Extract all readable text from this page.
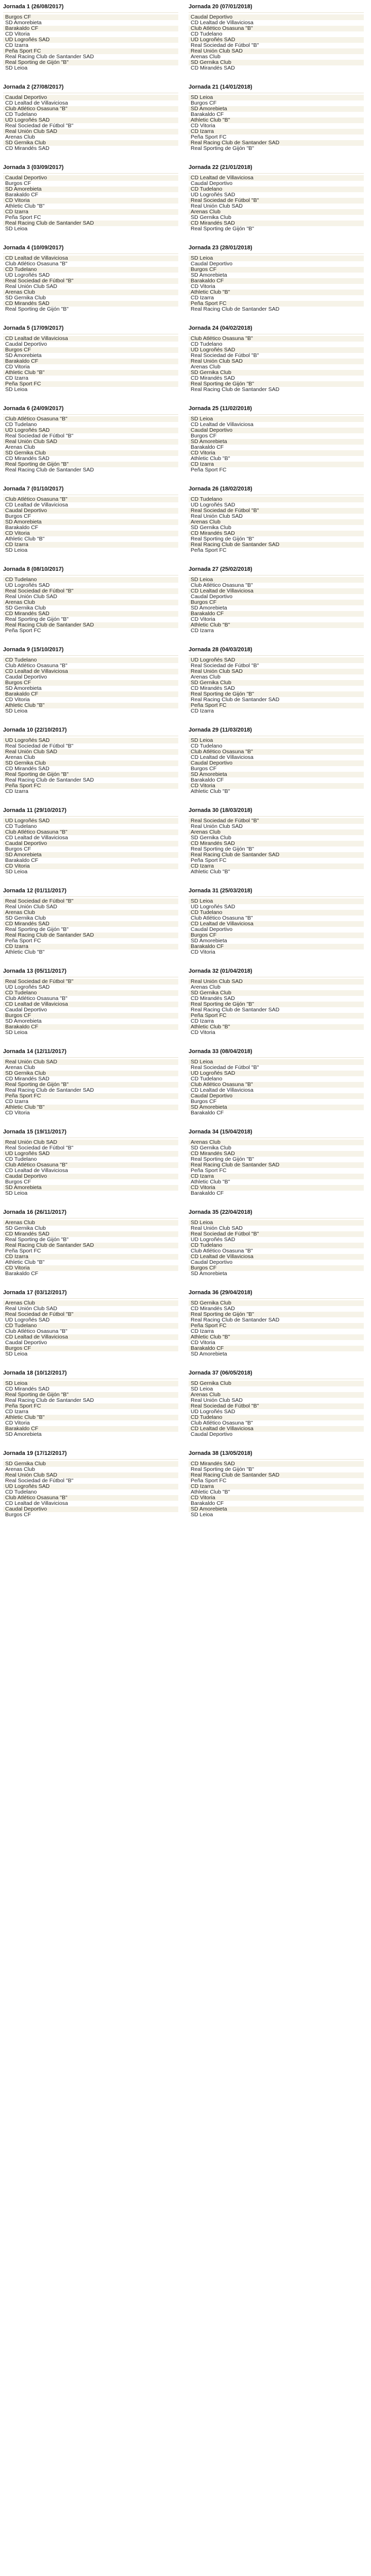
Jornada 1 (26/08/2017)
Burgos CF
SD Amorebieta
Barakaldo CF
CD Vitoria
UD Logroñés SAD
CD Izarra
Peña Sport FC
Real Racing Club de Santander SAD
Real Sporting de Gijón "B"
SD Leioa
Jornada 20 (07/01/2018)
Caudal Deportivo
CD Lealtad de Villaviciosa
Club Atlético Osasuna "B"
CD Tudelano
UD Logroñés SAD
Real Sociedad de Fútbol "B"
Real Unión Club SAD
Arenas Club
SD Gernika Club
CD Mirandés SAD
Jornada 2 (27/08/2017)
Caudal Deportivo
CD Lealtad de Villaviciosa
Club Atlético Osasuna "B"
CD Tudelano
UD Logroñés SAD
Real Sociedad de Fútbol "B"
Real Unión Club SAD
Arenas Club
SD Gernika Club
CD Mirandés SAD
Jornada 21 (14/01/2018)
SD Leioa
Burgos CF
SD Amorebieta
Barakaldo CF
Athletic Club "B"
CD Vitoria
CD Izarra
Peña Sport FC
Real Racing Club de Santander SAD
Real Sporting de Gijón "B"
Jornada 3 (03/09/2017)
Caudal Deportivo
Burgos CF
SD Amorebieta
Barakaldo CF
CD Vitoria
Athletic Club "B"
CD Izarra
Peña Sport FC
Real Racing Club de Santander SAD
SD Leioa
Jornada 22 (21/01/2018)
CD Lealtad de Villaviciosa
Caudal Deportivo
CD Tudelano
UD Logroñés SAD
Real Sociedad de Fútbol "B"
Real Unión Club SAD
Arenas Club
SD Gernika Club
CD Mirandés SAD
Real Sporting de Gijón "B"
Jornada 4 (10/09/2017)
CD Lealtad de Villaviciosa
Club Atlético Osasuna "B"
CD Tudelano
UD Logroñés SAD
Real Sociedad de Fútbol "B"
Real Unión Club SAD
Arenas Club
SD Gernika Club
CD Mirandés SAD
Real Sporting de Gijón "B"
Jornada 23 (28/01/2018)
SD Leioa
Caudal Deportivo
Burgos CF
SD Amorebieta
Barakaldo CF
CD Vitoria
Athletic Club "B"
CD Izarra
Peña Sport FC
Real Racing Club de Santander SAD
Jornada 5 (17/09/2017)
CD Lealtad de Villaviciosa
Caudal Deportivo
Burgos CF
SD Amorebieta
Barakaldo CF
CD Vitoria
Athletic Club "B"
CD Izarra
Peña Sport FC
SD Leioa
Jornada 24 (04/02/2018)
Club Atlético Osasuna "B"
CD Tudelano
UD Logroñés SAD
Real Sociedad de Fútbol "B"
Real Unión Club SAD
Arenas Club
SD Gernika Club
CD Mirandés SAD
Real Sporting de Gijón "B"
Real Racing Club de Santander SAD
Jornada 6 (24/09/2017)
Club Atlético Osasuna "B"
CD Tudelano
UD Logroñés SAD
Real Sociedad de Fútbol "B"
Real Unión Club SAD
Arenas Club
SD Gernika Club
CD Mirandés SAD
Real Sporting de Gijón "B"
Real Racing Club de Santander SAD
Jornada 25 (11/02/2018)
SD Leioa
CD Lealtad de Villaviciosa
Caudal Deportivo
Burgos CF
SD Amorebieta
Barakaldo CF
CD Vitoria
Athletic Club "B"
CD Izarra
Peña Sport FC
Jornada 7 (01/10/2017)
Club Atlético Osasuna "B"
CD Lealtad de Villaviciosa
Caudal Deportivo
Burgos CF
SD Amorebieta
Barakaldo CF
CD Vitoria
Athletic Club "B"
CD Izarra
SD Leioa
Jornada 26 (18/02/2018)
CD Tudelano
UD Logroñés SAD
Real Sociedad de Fútbol "B"
Real Unión Club SAD
Arenas Club
SD Gernika Club
CD Mirandés SAD
Real Sporting de Gijón "B"
Real Racing Club de Santander SAD
Peña Sport FC
Jornada 8 (08/10/2017)
CD Tudelano
UD Logroñés SAD
Real Sociedad de Fútbol "B"
Real Unión Club SAD
Arenas Club
SD Gernika Club
CD Mirandés SAD
Real Sporting de Gijón "B"
Real Racing Club de Santander SAD
Peña Sport FC
Jornada 27 (25/02/2018)
SD Leioa
Club Atlético Osasuna "B"
CD Lealtad de Villaviciosa
Caudal Deportivo
Burgos CF
SD Amorebieta
Barakaldo CF
CD Vitoria
Athletic Club "B"
CD Izarra
Jornada 9 (15/10/2017)
CD Tudelano
Club Atlético Osasuna "B"
CD Lealtad de Villaviciosa
Caudal Deportivo
Burgos CF
SD Amorebieta
Barakaldo CF
CD Vitoria
Athletic Club "B"
SD Leioa
Jornada 28 (04/03/2018)
UD Logroñés SAD
Real Sociedad de Fútbol "B"
Real Unión Club SAD
Arenas Club
SD Gernika Club
CD Mirandés SAD
Real Sporting de Gijón "B"
Real Racing Club de Santander SAD
Peña Sport FC
CD Izarra
Jornada 10 (22/10/2017)
UD Logroñés SAD
Real Sociedad de Fútbol "B"
Real Unión Club SAD
Arenas Club
SD Gernika Club
CD Mirandés SAD
Real Sporting de Gijón "B"
Real Racing Club de Santander SAD
Peña Sport FC
CD Izarra
Jornada 29 (11/03/2018)
SD Leioa
CD Tudelano
Club Atlético Osasuna "B"
CD Lealtad de Villaviciosa
Caudal Deportivo
Burgos CF
SD Amorebieta
Barakaldo CF
CD Vitoria
Athletic Club "B"
Jornada 11 (29/10/2017)
UD Logroñés SAD
CD Tudelano
Club Atlético Osasuna "B"
CD Lealtad de Villaviciosa
Caudal Deportivo
Burgos CF
SD Amorebieta
Barakaldo CF
CD Vitoria
SD Leioa
Jornada 30 (18/03/2018)
Real Sociedad de Fútbol "B"
Real Unión Club SAD
Arenas Club
SD Gernika Club
CD Mirandés SAD
Real Sporting de Gijón "B"
Real Racing Club de Santander SAD
Peña Sport FC
CD Izarra
Athletic Club "B"
Jornada 12 (01/11/2017)
Real Sociedad de Fútbol "B"
Real Unión Club SAD
Arenas Club
SD Gernika Club
CD Mirandés SAD
Real Sporting de Gijón "B"
Real Racing Club de Santander SAD
Peña Sport FC
CD Izarra
Athletic Club "B"
Jornada 31 (25/03/2018)
SD Leioa
UD Logroñés SAD
CD Tudelano
Club Atlético Osasuna "B"
CD Lealtad de Villaviciosa
Caudal Deportivo
Burgos CF
SD Amorebieta
Barakaldo CF
CD Vitoria
Jornada 13 (05/11/2017)
Real Sociedad de Fútbol "B"
UD Logroñés SAD
CD Tudelano
Club Atlético Osasuna "B"
CD Lealtad de Villaviciosa
Caudal Deportivo
Burgos CF
SD Amorebieta
Barakaldo CF
SD Leioa
Jornada 32 (01/04/2018)
Real Unión Club SAD
Arenas Club
SD Gernika Club
CD Mirandés SAD
Real Sporting de Gijón "B"
Real Racing Club de Santander SAD
Peña Sport FC
CD Izarra
Athletic Club "B"
CD Vitoria
Jornada 14 (12/11/2017)
Real Unión Club SAD
Arenas Club
SD Gernika Club
CD Mirandés SAD
Real Sporting de Gijón "B"
Real Racing Club de Santander SAD
Peña Sport FC
CD Izarra
Athletic Club "B"
CD Vitoria
Jornada 33 (08/04/2018)
SD Leioa
Real Sociedad de Fútbol "B"
UD Logroñés SAD
CD Tudelano
Club Atlético Osasuna "B"
CD Lealtad de Villaviciosa
Caudal Deportivo
Burgos CF
SD Amorebieta
Barakaldo CF
Jornada 15 (19/11/2017)
Real Unión Club SAD
Real Sociedad de Fútbol "B"
UD Logroñés SAD
CD Tudelano
Club Atlético Osasuna "B"
CD Lealtad de Villaviciosa
Caudal Deportivo
Burgos CF
SD Amorebieta
SD Leioa
Jornada 34 (15/04/2018)
Arenas Club
SD Gernika Club
CD Mirandés SAD
Real Sporting de Gijón "B"
Real Racing Club de Santander SAD
Peña Sport FC
CD Izarra
Athletic Club "B"
CD Vitoria
Barakaldo CF
Jornada 16 (26/11/2017)
Arenas Club
SD Gernika Club
CD Mirandés SAD
Real Sporting de Gijón "B"
Real Racing Club de Santander SAD
Peña Sport FC
CD Izarra
Athletic Club "B"
CD Vitoria
Barakaldo CF
Jornada 35 (22/04/2018)
SD Leioa
Real Unión Club SAD
Real Sociedad de Fútbol "B"
UD Logroñés SAD
CD Tudelano
Club Atlético Osasuna "B"
CD Lealtad de Villaviciosa
Caudal Deportivo
Burgos CF
SD Amorebieta
Jornada 17 (03/12/2017)
Arenas Club
Real Unión Club SAD
Real Sociedad de Fútbol "B"
UD Logroñés SAD
CD Tudelano
Club Atlético Osasuna "B"
CD Lealtad de Villaviciosa
Caudal Deportivo
Burgos CF
SD Leioa
Jornada 36 (29/04/2018)
SD Gernika Club
CD Mirandés SAD
Real Sporting de Gijón "B"
Real Racing Club de Santander SAD
Peña Sport FC
CD Izarra
Athletic Club "B"
CD Vitoria
Barakaldo CF
SD Amorebieta
Jornada 18 (10/12/2017)
SD Leioa
CD Mirandés SAD
Real Sporting de Gijón "B"
Real Racing Club de Santander SAD
Peña Sport FC
CD Izarra
Athletic Club "B"
CD Vitoria
Barakaldo CF
SD Amorebieta
Jornada 37 (06/05/2018)
SD Gernika Club
SD Leioa
Arenas Club
Real Unión Club SAD
Real Sociedad de Fútbol "B"
UD Logroñés SAD
CD Tudelano
Club Atlético Osasuna "B"
CD Lealtad de Villaviciosa
Caudal Deportivo
Jornada 19 (17/12/2017)
SD Gernika Club
Arenas Club
Real Unión Club SAD
Real Sociedad de Fútbol "B"
UD Logroñés SAD
CD Tudelano
Club Atlético Osasuna "B"
CD Lealtad de Villaviciosa
Caudal Deportivo
Burgos CF
Jornada 38 (13/05/2018)
CD Mirandés SAD
Real Sporting de Gijón "B"
Real Racing Club de Santander SAD
Peña Sport FC
CD Izarra
Athletic Club "B"
CD Vitoria
Barakaldo CF
SD Amorebieta
SD Leioa
